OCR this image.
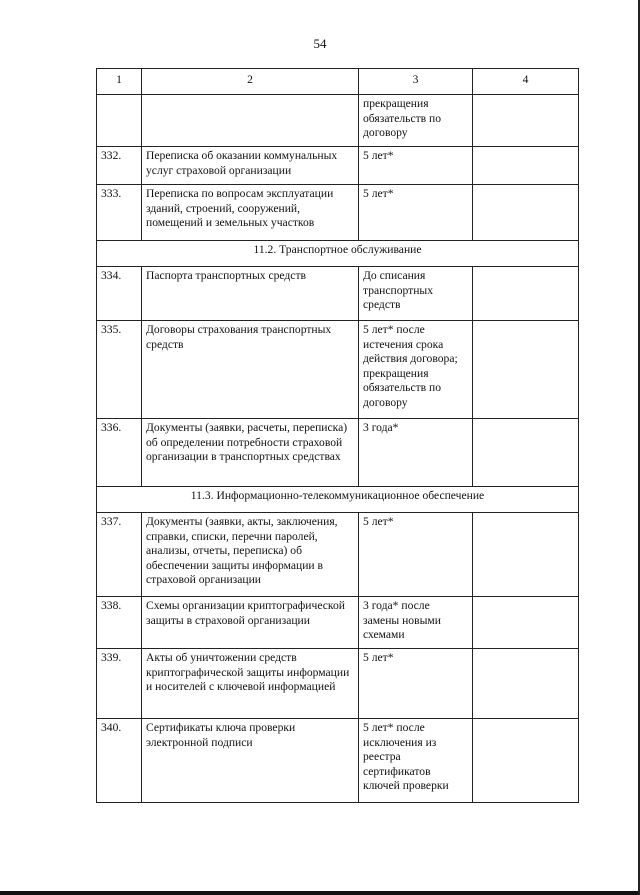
54
1	2	3	4
		прекращения обязательств по договору	
332.	Переписка об оказании коммунальных услуг страховой организации	5 лет*	
333.	Переписка по вопросам эксплуатации зданий, строений, сооружений, помещений и земельных участков	5 лет*	
11.2. Транспортное обслуживание			
334.	Паспорта транспортных средств	До списания транспортных средств	
335.	Договоры страхования транспортных средств	5 лет* после истечения срока действия договора; прекращения обязательств по договору	
336.	Документы (заявки, расчеты, переписка) об определении потребности страховой организации в транспортных средствах	3 года*	
11.3. Информационно-телекоммуникационное обеспечение			
337.	Документы (заявки, акты, заключения, справки, списки, перечни паролей, анализы, отчеты, переписка) об обеспечении защиты информации в страховой организации	5 лет*	
338.	Схемы организации криптографической защиты в страховой организации	3 года* после замены новыми схемами	
339.	Акты об уничтожении средств криптографической защиты информации и носителей с ключевой информацией	5 лет*	
340.	Сертификаты ключа проверки электронной подписи	5 лет* после исключения из реестра сертификатов ключей проверки	
